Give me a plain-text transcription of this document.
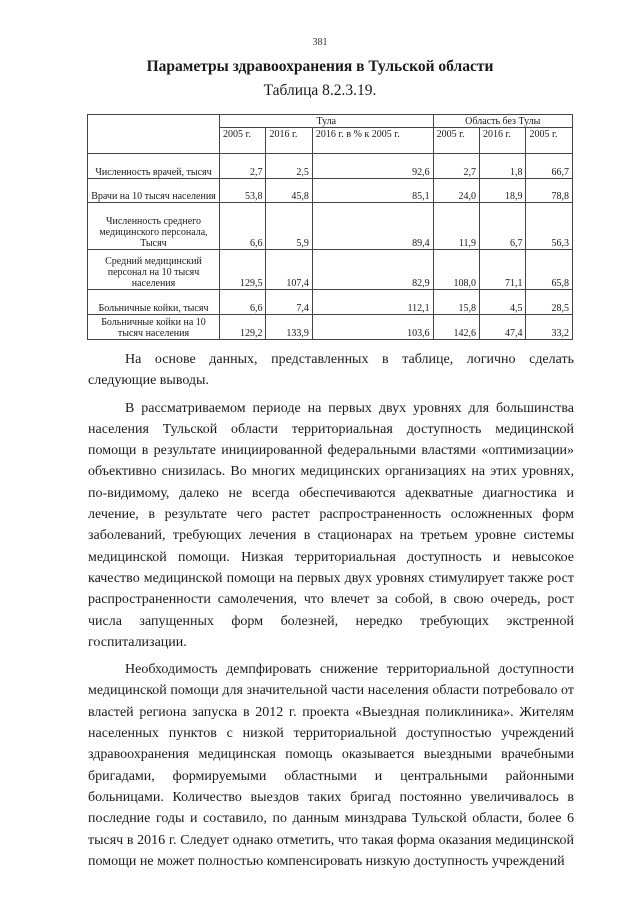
381
Параметры здравоохранения в Тульской области
Таблица 8.2.3.19.
	Тула			Область без Тулы		
	2005 г.	2016 г.	2016 г. в % к 2005 г.	2005 г.	2016 г.	2005 г.
Численность врачей, тысяч	2,7	2,5	92,6	2,7	1,8	66,7
Врачи на 10 тысяч населения	53,8	45,8	85,1	24,0	18,9	78,8
Численность среднего медицинского персонала, Тысяч	6,6	5,9	89,4	11,9	6,7	56,3
Средний медицинский персонал на 10 тысяч населения	129,5	107,4	82,9	108,0	71,1	65,8
Больничные койки, тысяч	6,6	7,4	112,1	15,8	4,5	28,5
Больничные койки на 10 тысяч населения	129,2	133,9	103,6	142,6	47,4	33,2

На основе данных, представленных в таблице, логично сделать следующие выводы.

В рассматриваемом периоде на первых двух уровнях для большинства населения Тульской области территориальная доступность медицинской помощи в результате инициированной федеральными властями «оптимизации» объективно снизилась. Во многих медицинских организациях на этих уровнях, по-видимому, далеко не всегда обеспечиваются адекватные диагностика и лечение, в результате чего растет распространенность осложненных форм заболеваний, требующих лечения в стационарах на третьем уровне системы медицинской помощи. Низкая территориальная доступность и невысокое качество медицинской помощи на первых двух уровнях стимулирует также рост распространенности самолечения, что влечет за собой, в свою очередь, рост числа запущенных форм болезней, нередко требующих экстренной госпитализации.

Необходимость демпфировать снижение территориальной доступности медицинской помощи для значительной части населения области потребовало от властей региона запуска в 2012 г. проекта «Выездная поликлиника». Жителям населенных пунктов с низкой территориальной доступностью учреждений здравоохранения медицинская помощь оказывается выездными врачебными бригадами, формируемыми областными и центральными районными больницами. Количество выездов таких бригад постоянно увеличивалось в последние годы и составило, по данным минздрава Тульской области, более 6 тысяч в 2016 г. Следует однако отметить, что такая форма оказания медицинской помощи не может полностью компенсировать низкую доступность учреждений
